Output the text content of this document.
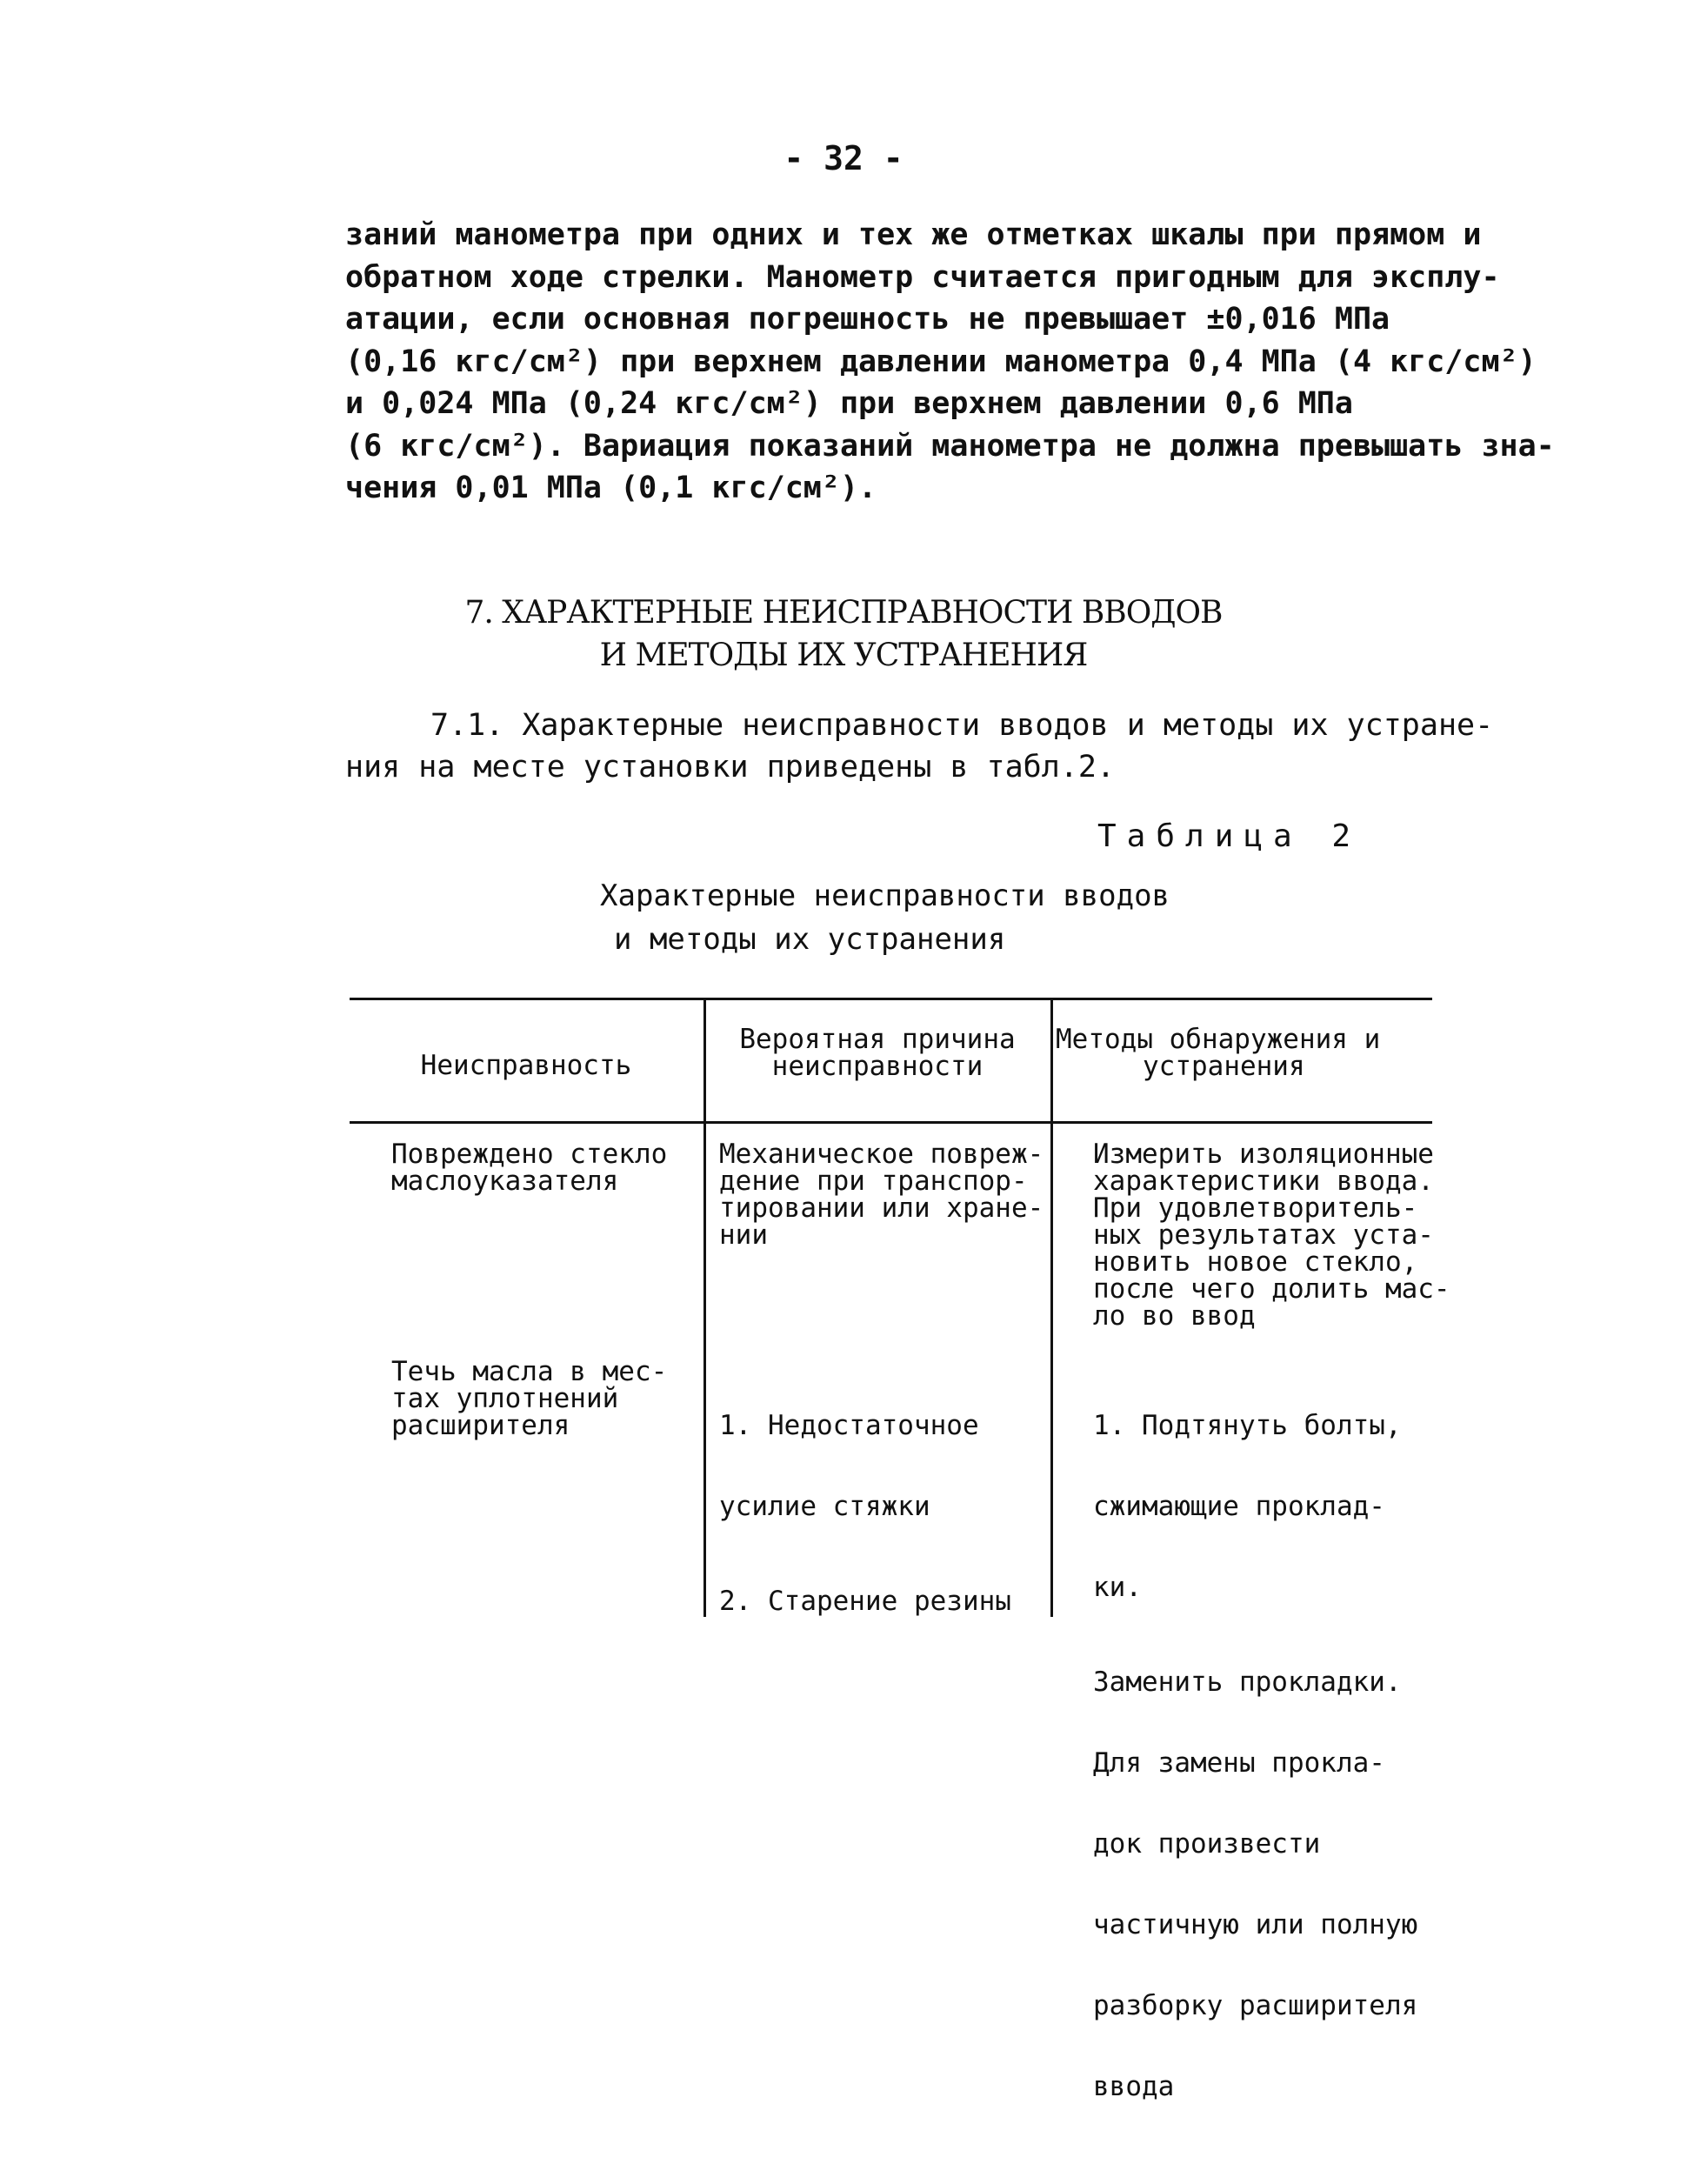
- 32 -
заний манометра при одних и тех же отметках шкалы при прямом и
обратном ходе стрелки. Манометр считается пригодным для эксплу-
атации, если основная погрешность не превышает ±0,016 МПа
(0,16 кгс/см²) при верхнем давлении манометра 0,4 МПа (4 кгс/см²)
и 0,024 МПа (0,24 кгс/см²) при верхнем давлении 0,6 МПа
(6 кгс/см²). Вариация показаний манометра не должна превышать зна-
чения 0,01 МПа (0,1 кгс/см²).
7. ХАРАКТЕРНЫЕ НЕИСПРАВНОСТИ ВВОДОВ
И МЕТОДЫ ИХ УСТРАНЕНИЯ
7.1. Характерные неисправности вводов и методы их устране-
ния на месте установки приведены в табл.2.
Таблица 2
Характерные неисправности вводов
и методы их устранения
Неисправность
Вероятная причина
неисправности
Методы обнаружения и
устранения
Повреждено стекло
маслоуказателя
Механическое повреж-
дение при транспор-
тировании или хране-
нии
Измерить изоляционные
характеристики ввода.
При удовлетворитель-
ных результатах уста-
новить новое стекло,
после чего долить мас-
ло во ввод
Течь масла в мес-
тах уплотнений
расширителя

	1. Недостаточное

усилие стяжки

2. Старение резины

1. Подтянуть болты,

сжимающие проклад-

ки.

Заменить прокладки.

Для замены прокла-

док произвести

частичную или полную

разборку расширителя

ввода
